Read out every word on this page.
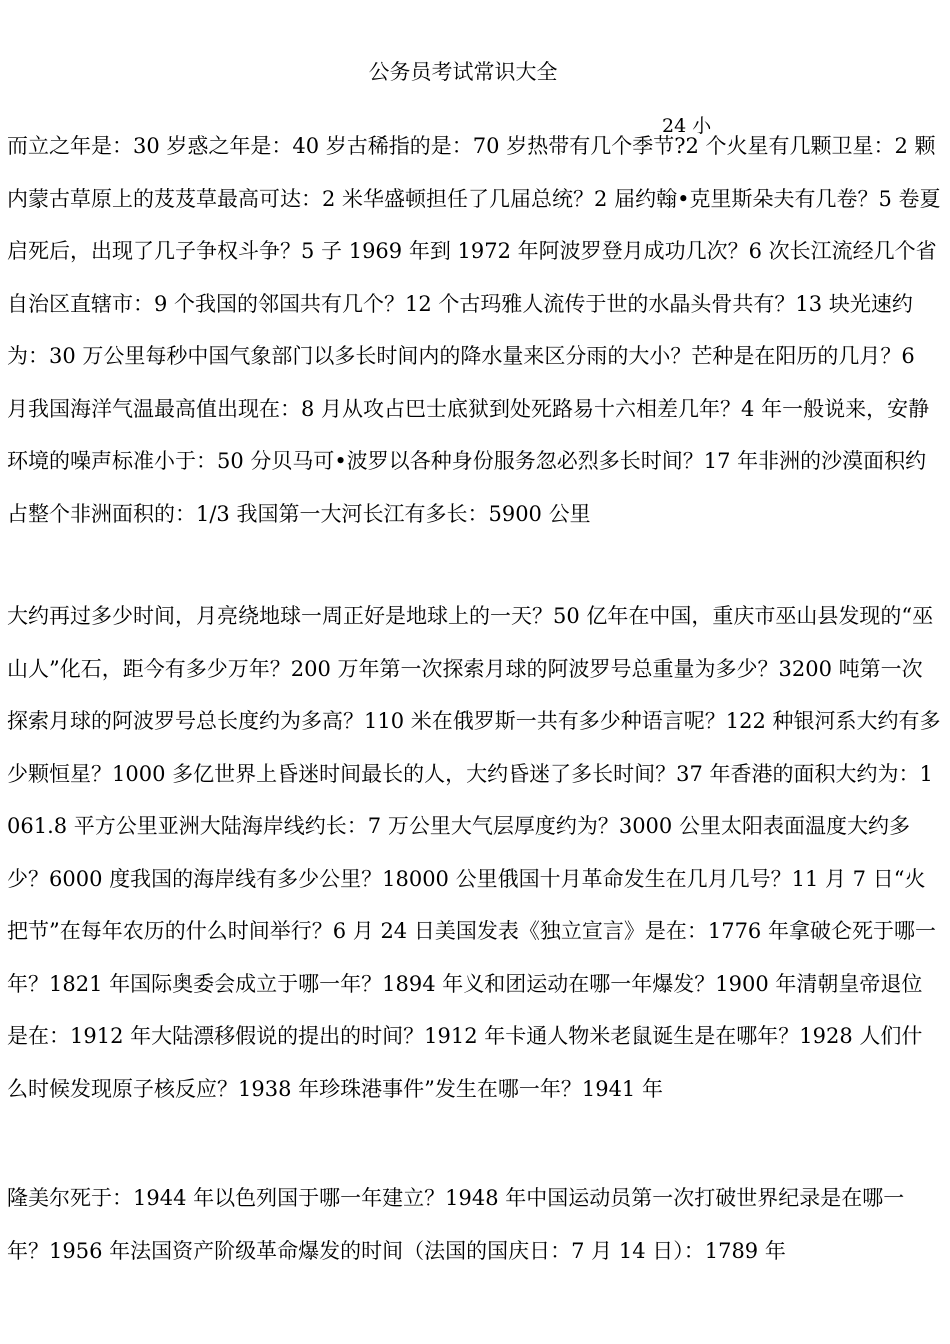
公务员考试常识大全

而立之年是：30 岁惑之年是：40 岁古稀指的是：70 岁热带有几个季节?2 个火星有几颗卫星：2 颗内蒙古草原上的芨芨草最高可达：2 米华盛顿担任了几届总统？2 届约翰•克里斯朵夫有几卷？5 卷夏启死后，出现了几子争权斗争？5 子 1969 年到 1972 年阿波罗登月成功几次？6 次长江流经几个省自治区直辖市：9 个我国的邻国共有几个？12 个古玛雅人流传于世的水晶头骨共有？13 块光速约为：30 万公里每秒中国气象部门以多长时间内的降水量来区分雨的大小？芒种是在阳历的几月？6 月我国海洋气温最高值出现在：8 月从攻占巴士底狱到处死路易十六相差几年？4 年一般说来，安静环境的噪声标准小于：50 分贝马可•波罗以各种身份服务忽必烈多长时间？17 年非洲的沙漠面积约占整个非洲面积的：1/3 我国第一大河长江有多长：5900 公里

大约再过多少时间，月亮绕地球一周正好是地球上的一天？50 亿年在中国，重庆市巫山县发现的“巫山人”化石，距今有多少万年？200 万年第一次探索月球的阿波罗号总重量为多少？3200 吨第一次探索月球的阿波罗号总长度约为多高？110 米在俄罗斯一共有多少种语言呢？122 种银河系大约有多少颗恒星？1000 多亿世界上昏迷时间最长的人，大约昏迷了多长时间？37 年香港的面积大约为：1061.8 平方公里亚洲大陆海岸线约长：7 万公里大气层厚度约为？3000 公里太阳表面温度大约多少？6000 度我国的海岸线有多少公里？18000 公里俄国十月革命发生在几月几号？11 月 7 日“火把节”在每年农历的什么时间举行？6 月 24 日美国发表《独立宣言》是在：1776 年拿破仑死于哪一年？1821 年国际奥委会成立于哪一年？1894 年义和团运动在哪一年爆发？1900 年清朝皇帝退位是在：1912 年大陆漂移假说的提出的时间？1912 年卡通人物米老鼠诞生是在哪年？1928 人们什么时候发现原子核反应？1938 年珍珠港事件”发生在哪一年？1941 年

隆美尔死于：1944 年以色列国于哪一年建立？1948 年中国运动员第一次打破世界纪录是在哪一年？1956 年法国资产阶级革命爆发的时间（法国的国庆日：7 月 14 日）：1789 年

24 小
